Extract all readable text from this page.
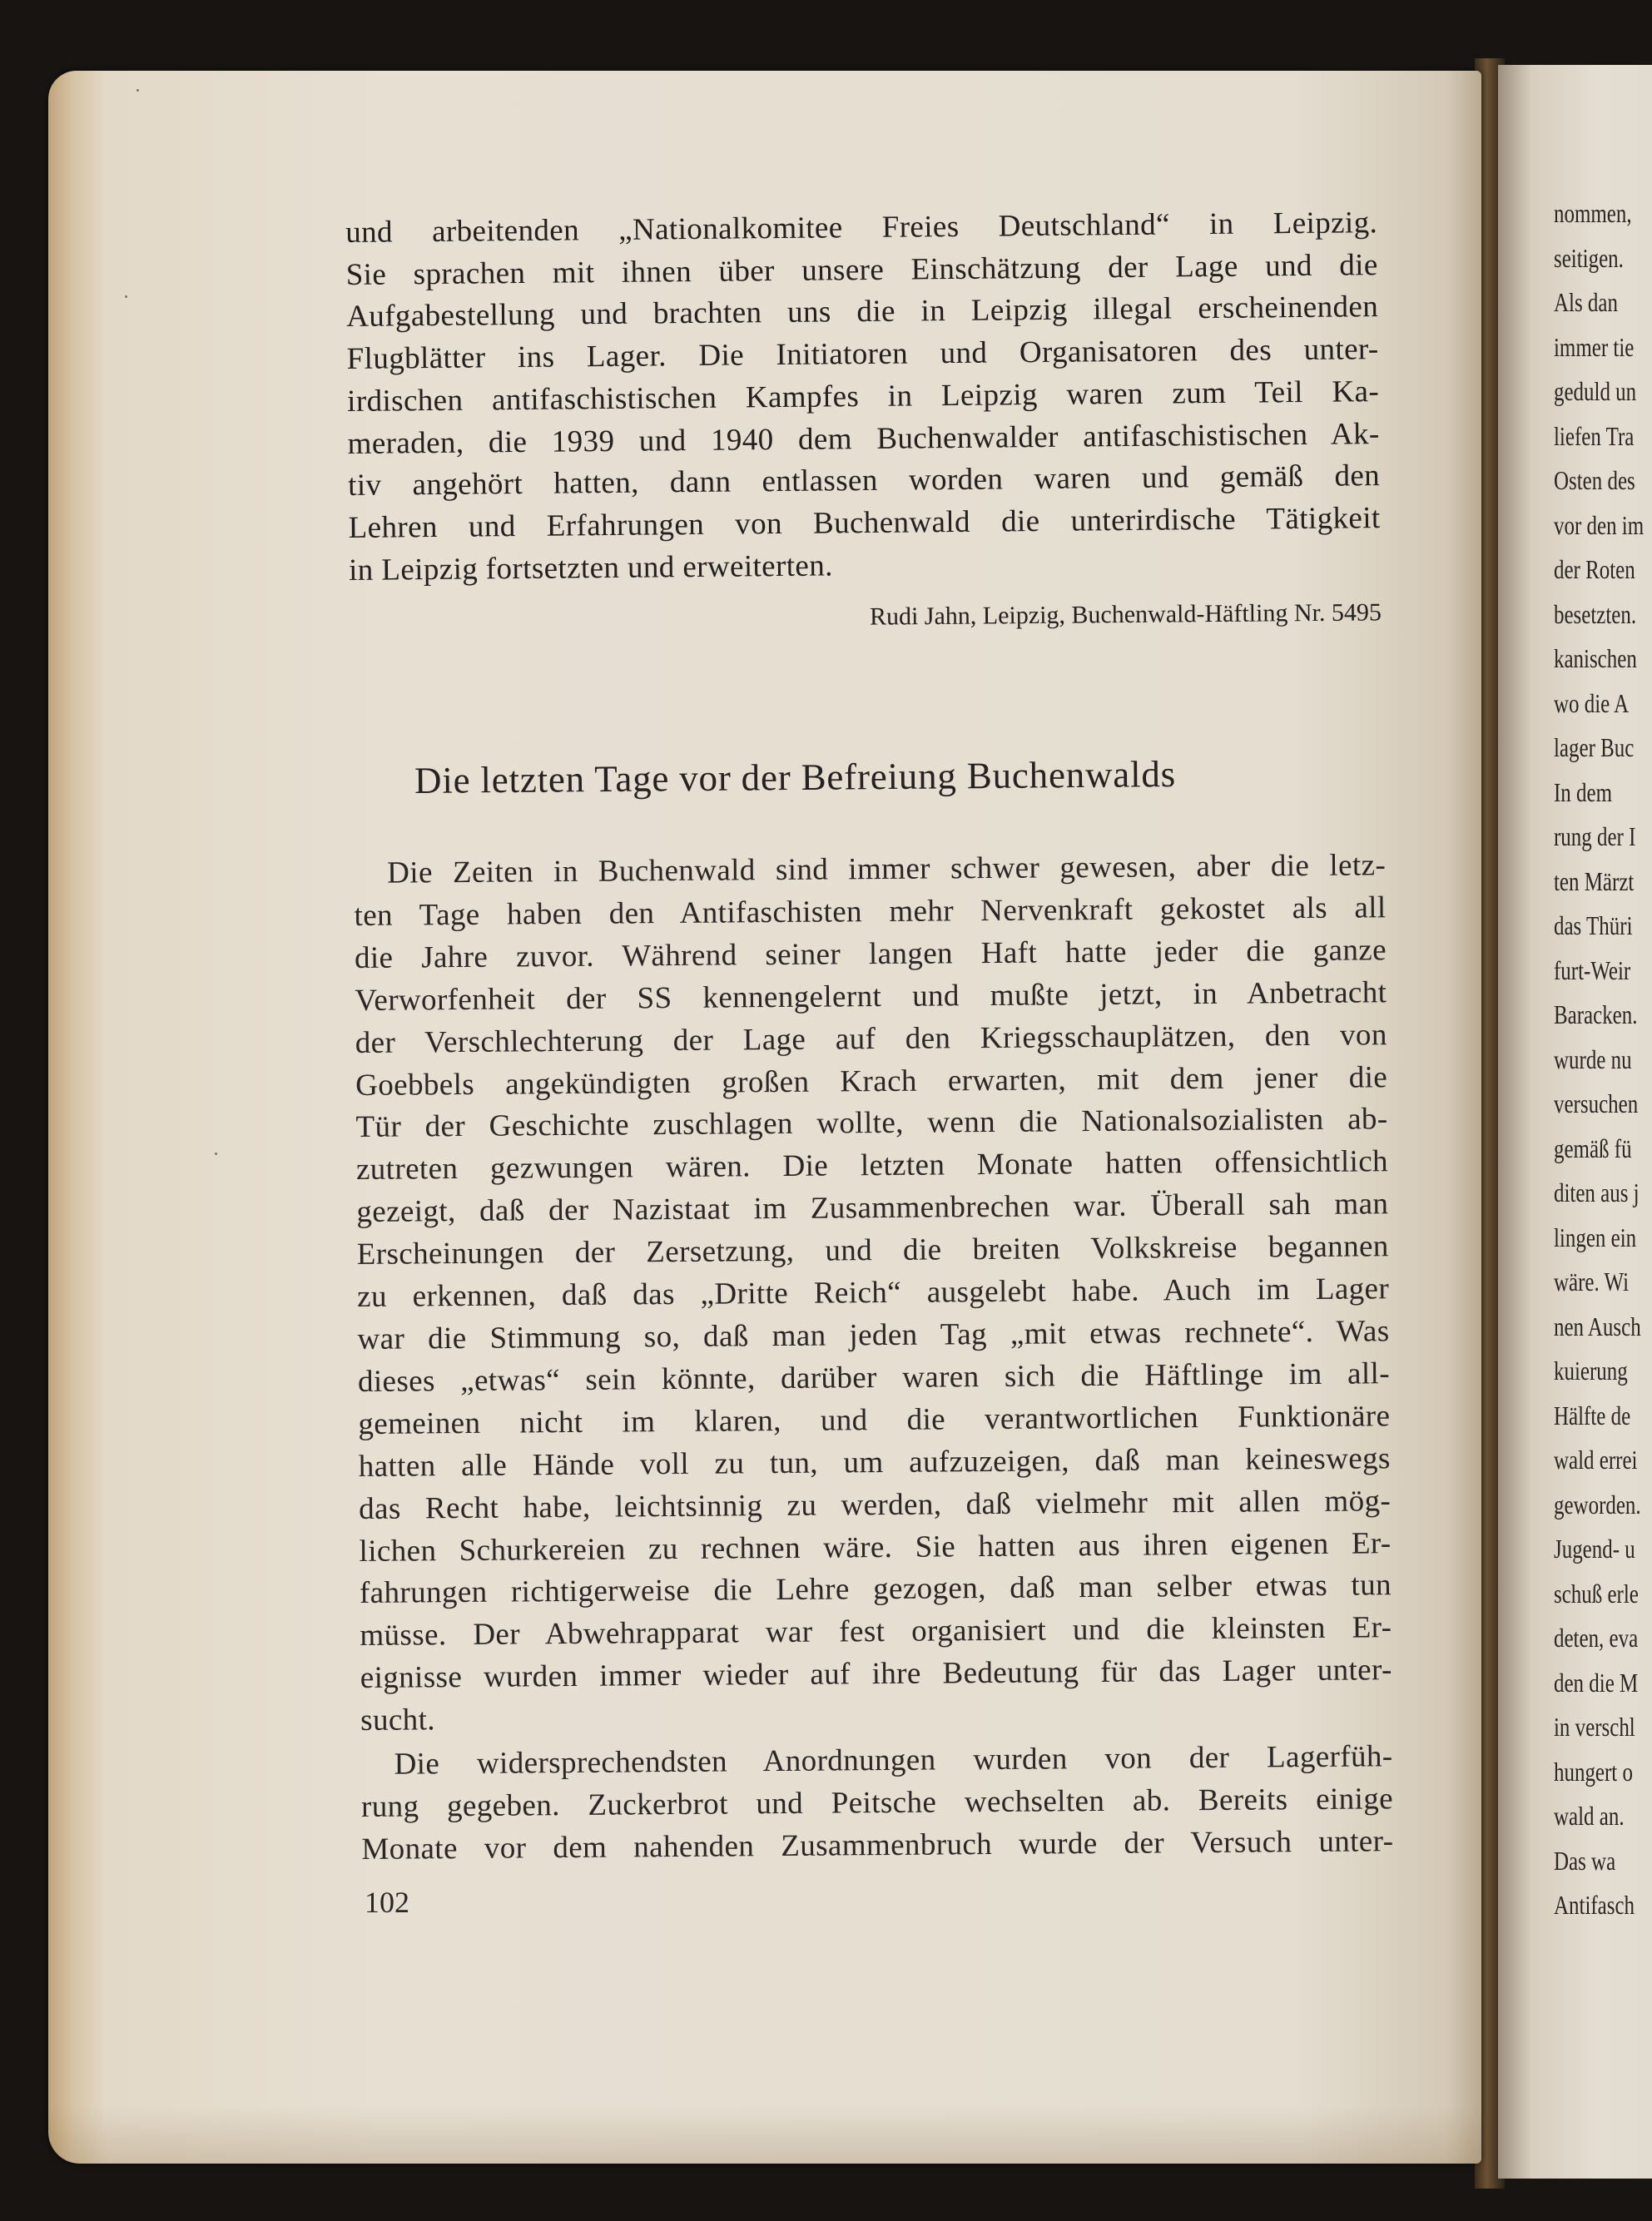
nommen,
seitigen.
Als dan
immer tie
geduld un
liefen Tra
Osten des
vor den im
der Roten
besetzten.
kanischen
wo die A
lager Buc
In dem
rung der I
ten Märzt
das Thüri
furt-Weir
Baracken.
wurde nu
versuchen
gemäß fü
diten aus j
lingen ein
wäre. Wi
nen Ausch
kuierung
Hälfte de
wald errei
geworden.
Jugend- u
schuß erle
deten, eva
den die M
in verschl
hungert o
wald an.
Das wa
Antifasch
und arbeitenden „Nationalkomitee Freies Deutschland“ in Leipzig.
Sie sprachen mit ihnen über unsere Einschätzung der Lage und die
Aufgabestellung und brachten uns die in Leipzig illegal erscheinenden
Flugblätter ins Lager. Die Initiatoren und Organisatoren des unter-
irdischen antifaschistischen Kampfes in Leipzig waren zum Teil Ka-
meraden, die 1939 und 1940 dem Buchenwalder antifaschistischen Ak-
tiv angehört hatten, dann entlassen worden waren und gemäß den
Lehren und Erfahrungen von Buchenwald die unterirdische Tätigkeit
in Leipzig fortsetzten und erweiterten.
Rudi Jahn, Leipzig, Buchenwald-Häftling Nr. 5495
Die letzten Tage vor der Befreiung Buchenwalds
Die Zeiten in Buchenwald sind immer schwer gewesen, aber die letz-
ten Tage haben den Antifaschisten mehr Nervenkraft gekostet als all
die Jahre zuvor. Während seiner langen Haft hatte jeder die ganze
Verworfenheit der SS kennengelernt und mußte jetzt, in Anbetracht
der Verschlechterung der Lage auf den Kriegsschauplätzen, den von
Goebbels angekündigten großen Krach erwarten, mit dem jener die
Tür der Geschichte zuschlagen wollte, wenn die Nationalsozialisten ab-
zutreten gezwungen wären. Die letzten Monate hatten offensichtlich
gezeigt, daß der Nazistaat im Zusammenbrechen war. Überall sah man
Erscheinungen der Zersetzung, und die breiten Volkskreise begannen
zu erkennen, daß das „Dritte Reich“ ausgelebt habe. Auch im Lager
war die Stimmung so, daß man jeden Tag „mit etwas rechnete“. Was
dieses „etwas“ sein könnte, darüber waren sich die Häftlinge im all-
gemeinen nicht im klaren, und die verantwortlichen Funktionäre
hatten alle Hände voll zu tun, um aufzuzeigen, daß man keineswegs
das Recht habe, leichtsinnig zu werden, daß vielmehr mit allen mög-
lichen Schurkereien zu rechnen wäre. Sie hatten aus ihren eigenen Er-
fahrungen richtigerweise die Lehre gezogen, daß man selber etwas tun
müsse. Der Abwehrapparat war fest organisiert und die kleinsten Er-
eignisse wurden immer wieder auf ihre Bedeutung für das Lager unter-
sucht.
Die widersprechendsten Anordnungen wurden von der Lagerfüh-
rung gegeben. Zuckerbrot und Peitsche wechselten ab. Bereits einige
Monate vor dem nahenden Zusammenbruch wurde der Versuch unter-
102
